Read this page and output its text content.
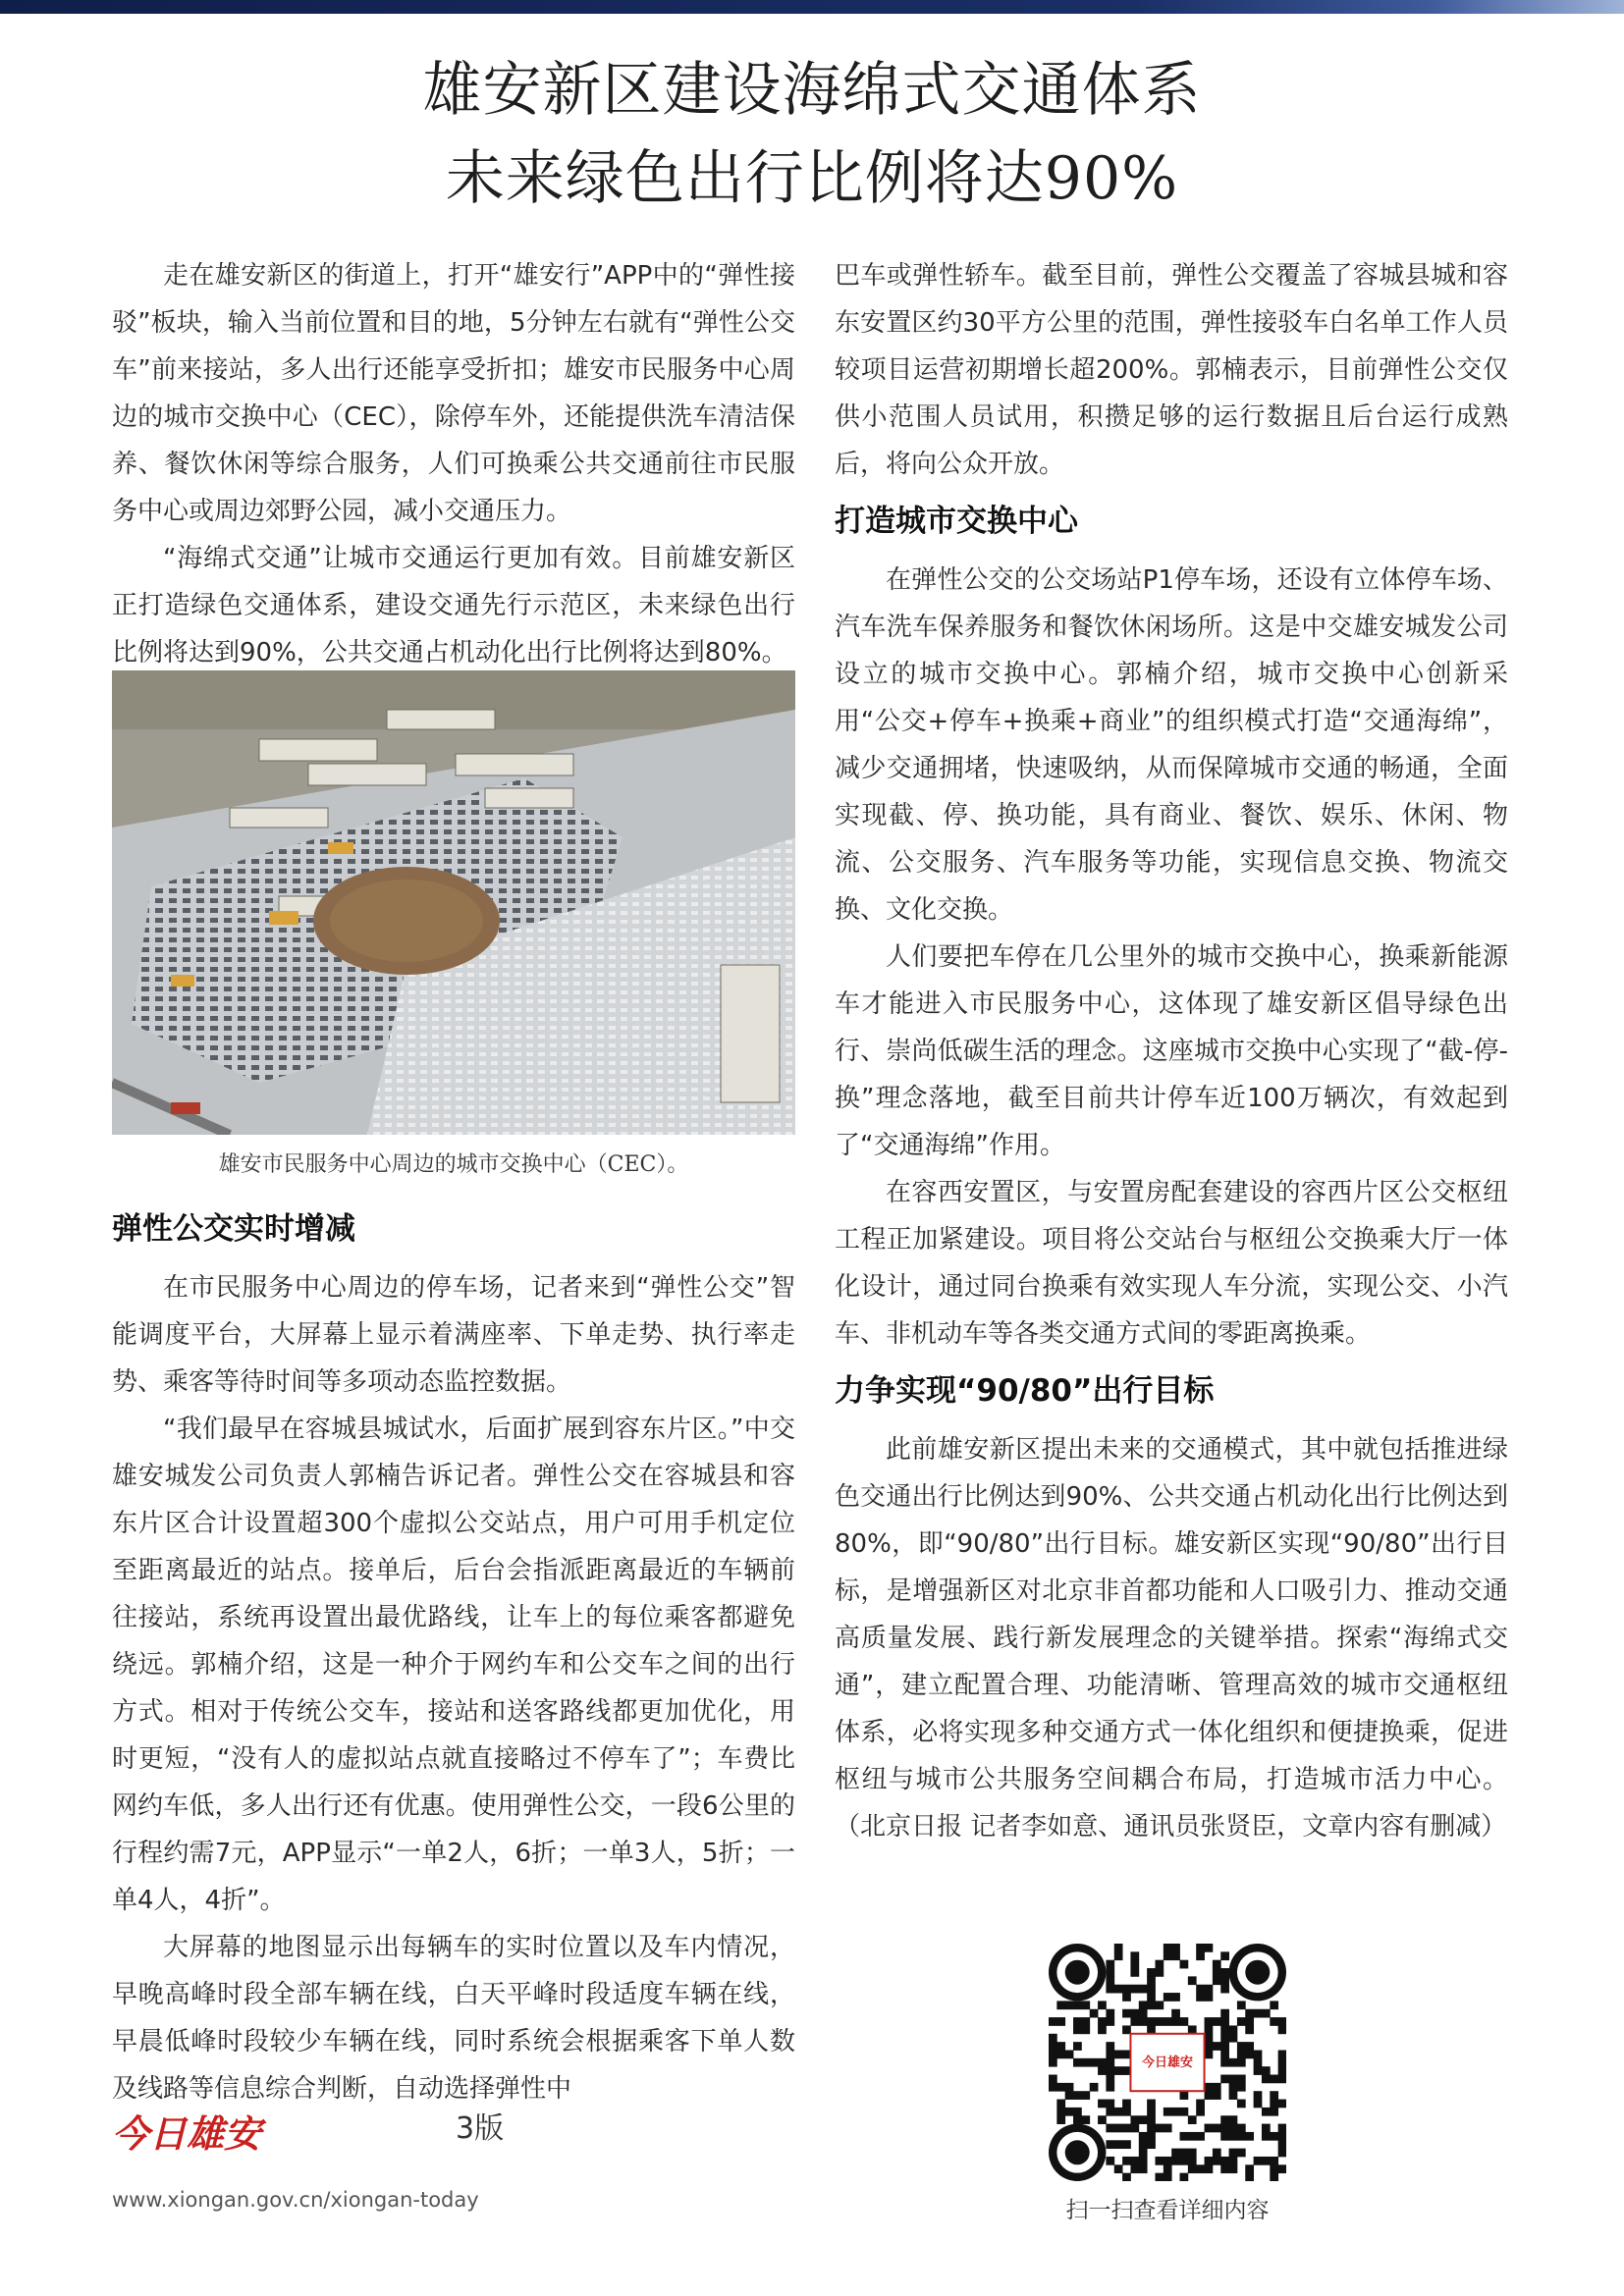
雄安新区建设海绵式交通体系
未来绿色出行比例将达90%

走在雄安新区的街道上，打开“雄安行”APP中的“弹性接驳”板块，输入当前位置和目的地，5分钟左右就有“弹性公交车”前来接站，多人出行还能享受折扣；雄安市民服务中心周边的城市交换中心（CEC），除停车外，还能提供洗车清洁保养、餐饮休闲等综合服务，人们可换乘公共交通前往市民服务中心或周边郊野公园，减小交通压力。

“海绵式交通”让城市交通运行更加有效。目前雄安新区正打造绿色交通体系，建设交通先行示范区，未来绿色出行比例将达到90%，公共交通占机动化出行比例将达到80%。

雄安市民服务中心周边的城市交换中心（CEC）。
弹性公交实时增减

在市民服务中心周边的停车场，记者来到“弹性公交”智能调度平台，大屏幕上显示着满座率、下单走势、执行率走势、乘客等待时间等多项动态监控数据。

“我们最早在容城县城试水，后面扩展到容东片区。”中交雄安城发公司负责人郭楠告诉记者。弹性公交在容城县和容东片区合计设置超300个虚拟公交站点，用户可用手机定位至距离最近的站点。接单后，后台会指派距离最近的车辆前往接站，系统再设置出最优路线，让车上的每位乘客都避免绕远。郭楠介绍，这是一种介于网约车和公交车之间的出行方式。相对于传统公交车，接站和送客路线都更加优化，用时更短，“没有人的虚拟站点就直接略过不停车了”；车费比网约车低，多人出行还有优惠。使用弹性公交，一段6公里的行程约需7元，APP显示“一单2人，6折；一单3人，5折；一单4人，4折”。

大屏幕的地图显示出每辆车的实时位置以及车内情况，早晚高峰时段全部车辆在线，白天平峰时段适度车辆在线，早晨低峰时段较少车辆在线，同时系统会根据乘客下单人数及线路等信息综合判断，自动选择弹性中

巴车或弹性轿车。截至目前，弹性公交覆盖了容城县城和容东安置区约30平方公里的范围，弹性接驳车白名单工作人员较项目运营初期增长超200%。郭楠表示，目前弹性公交仅供小范围人员试用，积攒足够的运行数据且后台运行成熟后，将向公众开放。

打造城市交换中心

在弹性公交的公交场站P1停车场，还设有立体停车场、汽车洗车保养服务和餐饮休闲场所。这是中交雄安城发公司设立的城市交换中心。郭楠介绍，城市交换中心创新采用“公交+停车+换乘+商业”的组织模式打造“交通海绵”，减少交通拥堵，快速吸纳，从而保障城市交通的畅通，全面实现截、停、换功能，具有商业、餐饮、娱乐、休闲、物流、公交服务、汽车服务等功能，实现信息交换、物流交换、文化交换。

人们要把车停在几公里外的城市交换中心，换乘新能源车才能进入市民服务中心，这体现了雄安新区倡导绿色出行、崇尚低碳生活的理念。这座城市交换中心实现了“截-停-换”理念落地，截至目前共计停车近100万辆次，有效起到了“交通海绵”作用。

在容西安置区，与安置房配套建设的容西片区公交枢纽工程正加紧建设。项目将公交站台与枢纽公交换乘大厅一体化设计，通过同台换乘有效实现人车分流，实现公交、小汽车、非机动车等各类交通方式间的零距离换乘。

力争实现“90/80”出行目标

此前雄安新区提出未来的交通模式，其中就包括推进绿色交通出行比例达到90%、公共交通占机动化出行比例达到80%，即“90/80”出行目标。雄安新区实现“90/80”出行目标，是增强新区对北京非首都功能和人口吸引力、推动交通高质量发展、践行新发展理念的关键举措。探索“海绵式交通”，建立配置合理、功能清晰、管理高效的城市交通枢纽体系，必将实现多种交通方式一体化组织和便捷换乘，促进枢纽与城市公共服务空间耦合布局，打造城市活力中心。（北京日报 记者李如意、通讯员张贤臣，文章内容有删减）

今日雄安
扫一扫查看详细内容
今日雄安	3版
www.xiongan.gov.cn/xiongan-today
